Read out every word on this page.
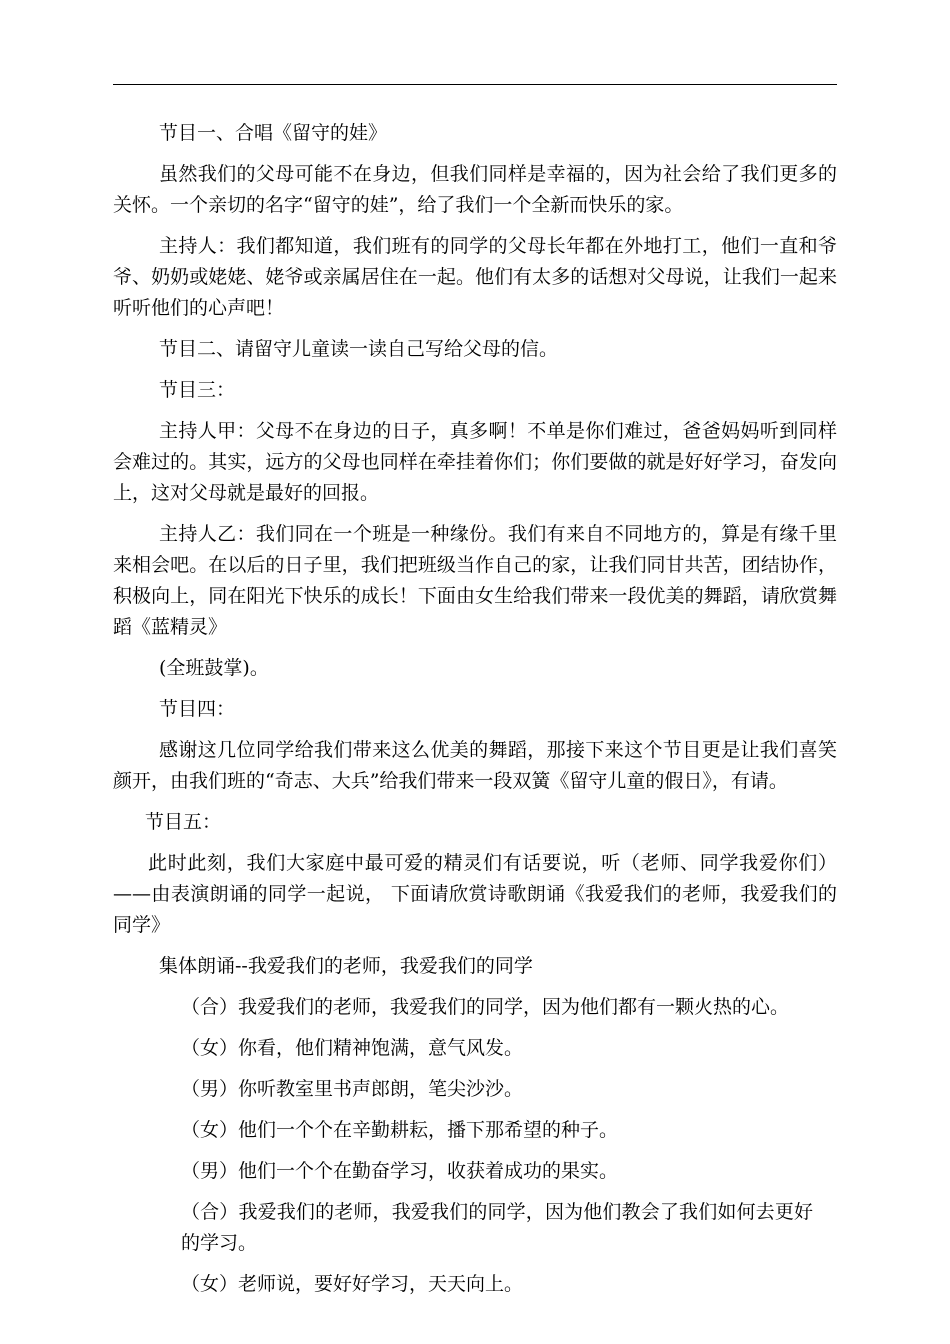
节目一、合唱《留守的娃》

虽然我们的父母可能不在身边，但我们同样是幸福的，因为社会给了我们更多的关怀。一个亲切的名字“留守的娃”，给了我们一个全新而快乐的家。

主持人：我们都知道，我们班有的同学的父母长年都在外地打工，他们一直和爷爷、奶奶或姥姥、姥爷或亲属居住在一起。他们有太多的话想对父母说，让我们一起来听听他们的心声吧！

节目二、请留守儿童读一读自己写给父母的信。

节目三：

主持人甲：父母不在身边的日子，真多啊！不单是你们难过，爸爸妈妈听到同样会难过的。其实，远方的父母也同样在牵挂着你们；你们要做的就是好好学习，奋发向上，这对父母就是最好的回报。

主持人乙：我们同在一个班是一种缘份。我们有来自不同地方的，算是有缘千里来相会吧。在以后的日子里，我们把班级当作自己的家，让我们同甘共苦，团结协作，积极向上，同在阳光下快乐的成长！下面由女生给我们带来一段优美的舞蹈，请欣赏舞蹈《蓝精灵》

(全班鼓掌)。

节目四：

感谢这几位同学给我们带来这么优美的舞蹈，那接下来这个节目更是让我们喜笑颜开，由我们班的“奇志、大兵”给我们带来一段双簧《留守儿童的假日》，有请。

节目五：

此时此刻，我们大家庭中最可爱的精灵们有话要说，听（老师、同学我爱你们）——由表演朗诵的同学一起说， 下面请欣赏诗歌朗诵《我爱我们的老师，我爱我们的同学》

集体朗诵--我爱我们的老师，我爱我们的同学

（合）我爱我们的老师，我爱我们的同学，因为他们都有一颗火热的心。

（女）你看，他们精神饱满，意气风发。

（男）你听教室里书声郎朗，笔尖沙沙。

（女）他们一个个在辛勤耕耘，播下那希望的种子。

（男）他们一个个在勤奋学习，收获着成功的果实。

（合）我爱我们的老师，我爱我们的同学，因为他们教会了我们如何去更好的学习。

（女）老师说，要好好学习，天天向上。
